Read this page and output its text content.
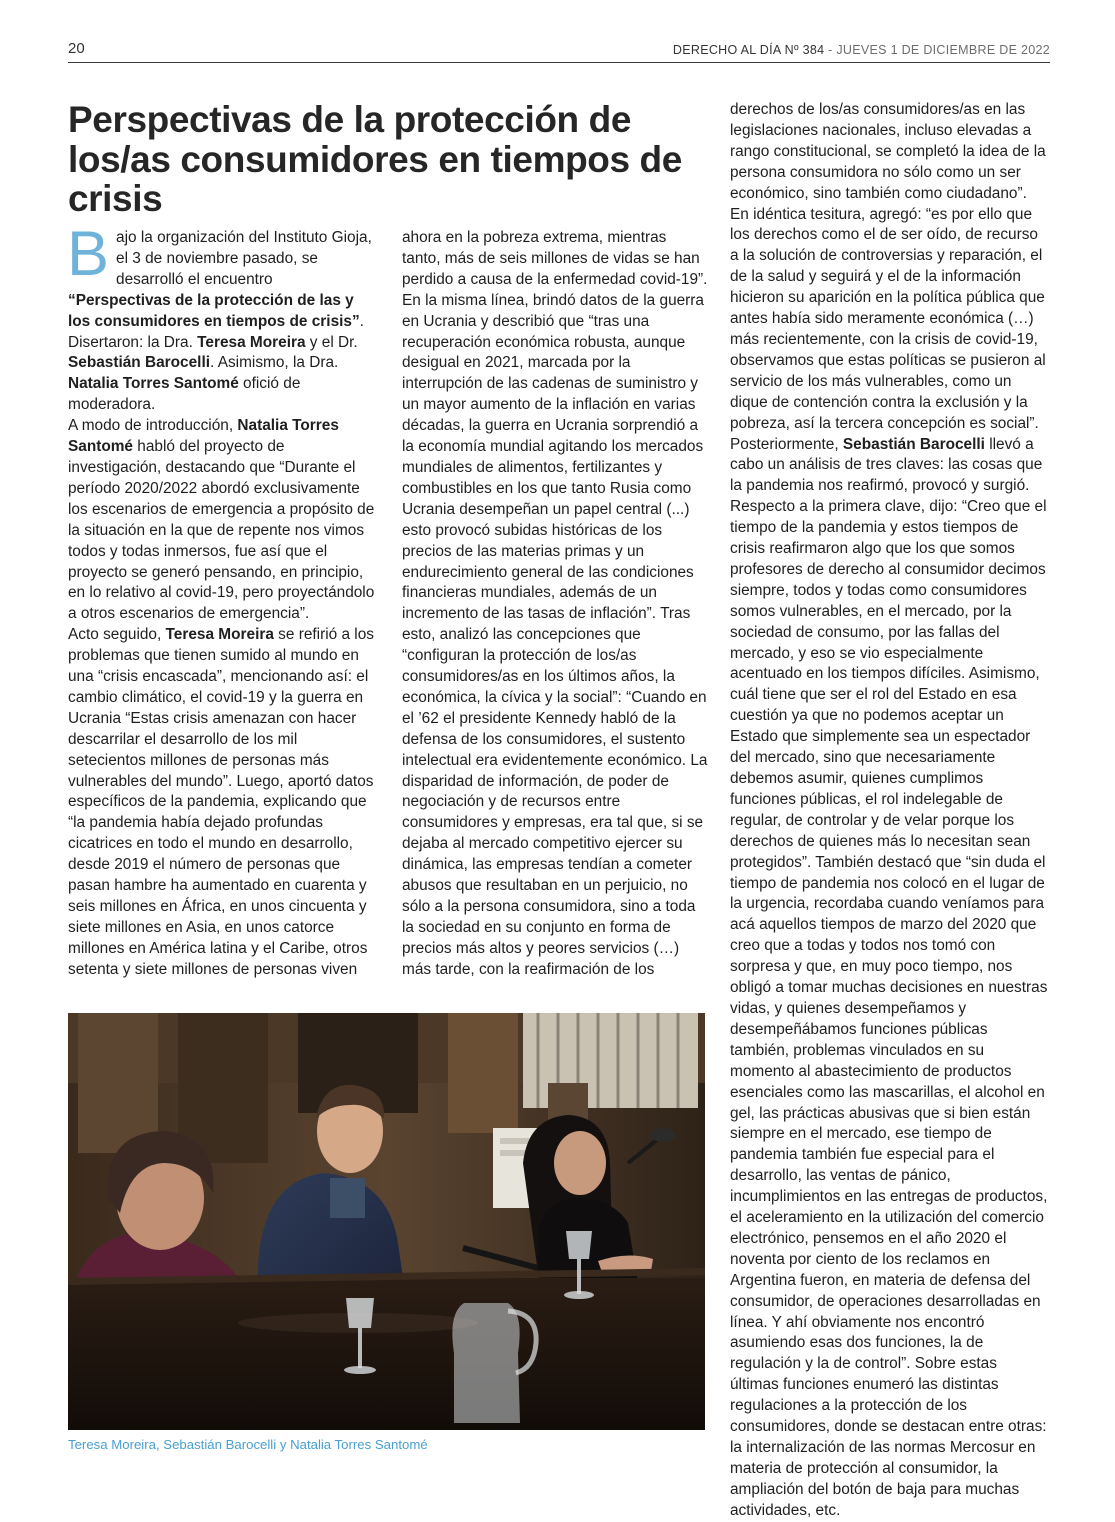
20	DERECHO AL DÍA Nº 384 - JUEVES 1 DE DICIEMBRE DE 2022
Perspectivas de la protección de los/as consumidores en tiempos de crisis

Bajo la organización del Instituto Gioja, el 3 de noviembre pasado, se desarrolló el encuentro “Perspectivas de la protección de las y los consumidores en tiempos de crisis”. Disertaron: la Dra. Teresa Moreira y el Dr. Sebastián Barocelli. Asimismo, la Dra. Natalia Torres Santomé ofició de moderadora.

A modo de introducción, Natalia Torres Santomé habló del proyecto de investigación, destacando que “Durante el período 2020/2022 abordó exclusivamente los escenarios de emergencia a propósito de la situación en la que de repente nos vimos todos y todas inmersos, fue así que el proyecto se generó pensando, en principio, en lo relativo al covid-19, pero proyectándolo a otros escenarios de emergencia”.

Acto seguido, Teresa Moreira se refirió a los problemas que tienen sumido al mundo en una “crisis encascada”, mencionando así: el cambio climático, el covid-19 y la guerra en Ucrania “Estas crisis amenazan con hacer descarrilar el desarrollo de los mil setecientos millones de personas más vulnerables del mundo”. Luego, aportó datos específicos de la pandemia, explicando que “la pandemia había dejado profundas cicatrices en todo el mundo en desarrollo, desde 2019 el número de personas que pasan hambre ha aumentado en cuarenta y seis millones en África, en unos cincuenta y siete millones en Asia, en unos catorce millones en América latina y el Caribe, otros setenta y siete millones de personas viven

ahora en la pobreza extrema, mientras tanto, más de seis millones de vidas se han perdido a causa de la enfermedad covid-19”. En la misma línea, brindó datos de la guerra en Ucrania y describió que “tras una recuperación económica robusta, aunque desigual en 2021, marcada por la interrupción de las cadenas de suministro y un mayor aumento de la inflación en varias décadas, la guerra en Ucrania sorprendió a la economía mundial agitando los mercados mundiales de alimentos, fertilizantes y combustibles en los que tanto Rusia como Ucrania desempeñan un papel central (...) esto provocó subidas históricas de los precios de las materias primas y un endurecimiento general de las condiciones financieras mundiales, además de un incremento de las tasas de inflación”. Tras esto, analizó las concepciones que “configuran la protección de los/as consumidores/as en los últimos años, la económica, la cívica y la social”: “Cuando en el ’62 el presidente Kennedy habló de la defensa de los consumidores, el sustento intelectual era evidentemente económico. La disparidad de información, de poder de negociación y de recursos entre consumidores y empresas, era tal que, si se dejaba al mercado competitivo ejercer su dinámica, las empresas tendían a cometer abusos que resultaban en un perjuicio, no sólo a la persona consumidora, sino a toda la sociedad en su conjunto en forma de precios más altos y peores servicios (…) más tarde, con la reafirmación de los

derechos de los/as consumidores/as en las legislaciones nacionales, incluso elevadas a rango constitucional, se completó la idea de la persona consumidora no sólo como un ser económico, sino también como ciudadano”. En idéntica tesitura, agregó: “es por ello que los derechos como el de ser oído, de recurso a la solución de controversias y reparación, el de la salud y seguirá y el de la información hicieron su aparición en la política pública que antes había sido meramente económica (…) más recientemente, con la crisis de covid-19, observamos que estas políticas se pusieron al servicio de los más vulnerables, como un dique de contención contra la exclusión y la pobreza, así la tercera concepción es social”.

Posteriormente, Sebastián Barocelli llevó a cabo un análisis de tres claves: las cosas que la pandemia nos reafirmó, provocó y surgió. Respecto a la primera clave, dijo: “Creo que el tiempo de la pandemia y estos tiempos de crisis reafirmaron algo que los que somos profesores de derecho al consumidor decimos siempre, todos y todas como consumidores somos vulnerables, en el mercado, por la sociedad de consumo, por las fallas del mercado, y eso se vio especialmente acentuado en los tiempos difíciles. Asimismo, cuál tiene que ser el rol del Estado en esa cuestión ya que no podemos aceptar un Estado que simplemente sea un espectador del mercado, sino que necesariamente debemos asumir, quienes cumplimos funciones públicas, el rol indelegable de regular, de controlar y de velar porque los derechos de quienes más lo necesitan sean protegidos”. También destacó que “sin duda el tiempo de pandemia nos colocó en el lugar de la urgencia, recordaba cuando veníamos para acá aquellos tiempos de marzo del 2020 que creo que a todas y todos nos tomó con sorpresa y que, en muy poco tiempo, nos obligó a tomar muchas decisiones en nuestras vidas, y quienes desempeñamos y desempeñábamos funciones públicas también, problemas vinculados en su momento al abastecimiento de productos esenciales como las mascarillas, el alcohol en gel, las prácticas abusivas que si bien están siempre en el mercado, ese tiempo de pandemia también fue especial para el desarrollo, las ventas de pánico, incumplimientos en las entregas de productos, el aceleramiento en la utilización del comercio electrónico, pensemos en el año 2020 el noventa por ciento de los reclamos en Argentina fueron, en materia de defensa del consumidor, de operaciones desarrolladas en línea. Y ahí obviamente nos encontró asumiendo esas dos funciones, la de regulación y la de control”. Sobre estas últimas funciones enumeró las distintas regulaciones a la protección de los consumidores, donde se destacan entre otras:

la internalización de las normas Mercosur en materia de protección al consumidor, la ampliación del botón de baja para muchas actividades, etc.

Teresa Moreira, Sebastián Barocelli y Natalia Torres Santomé
